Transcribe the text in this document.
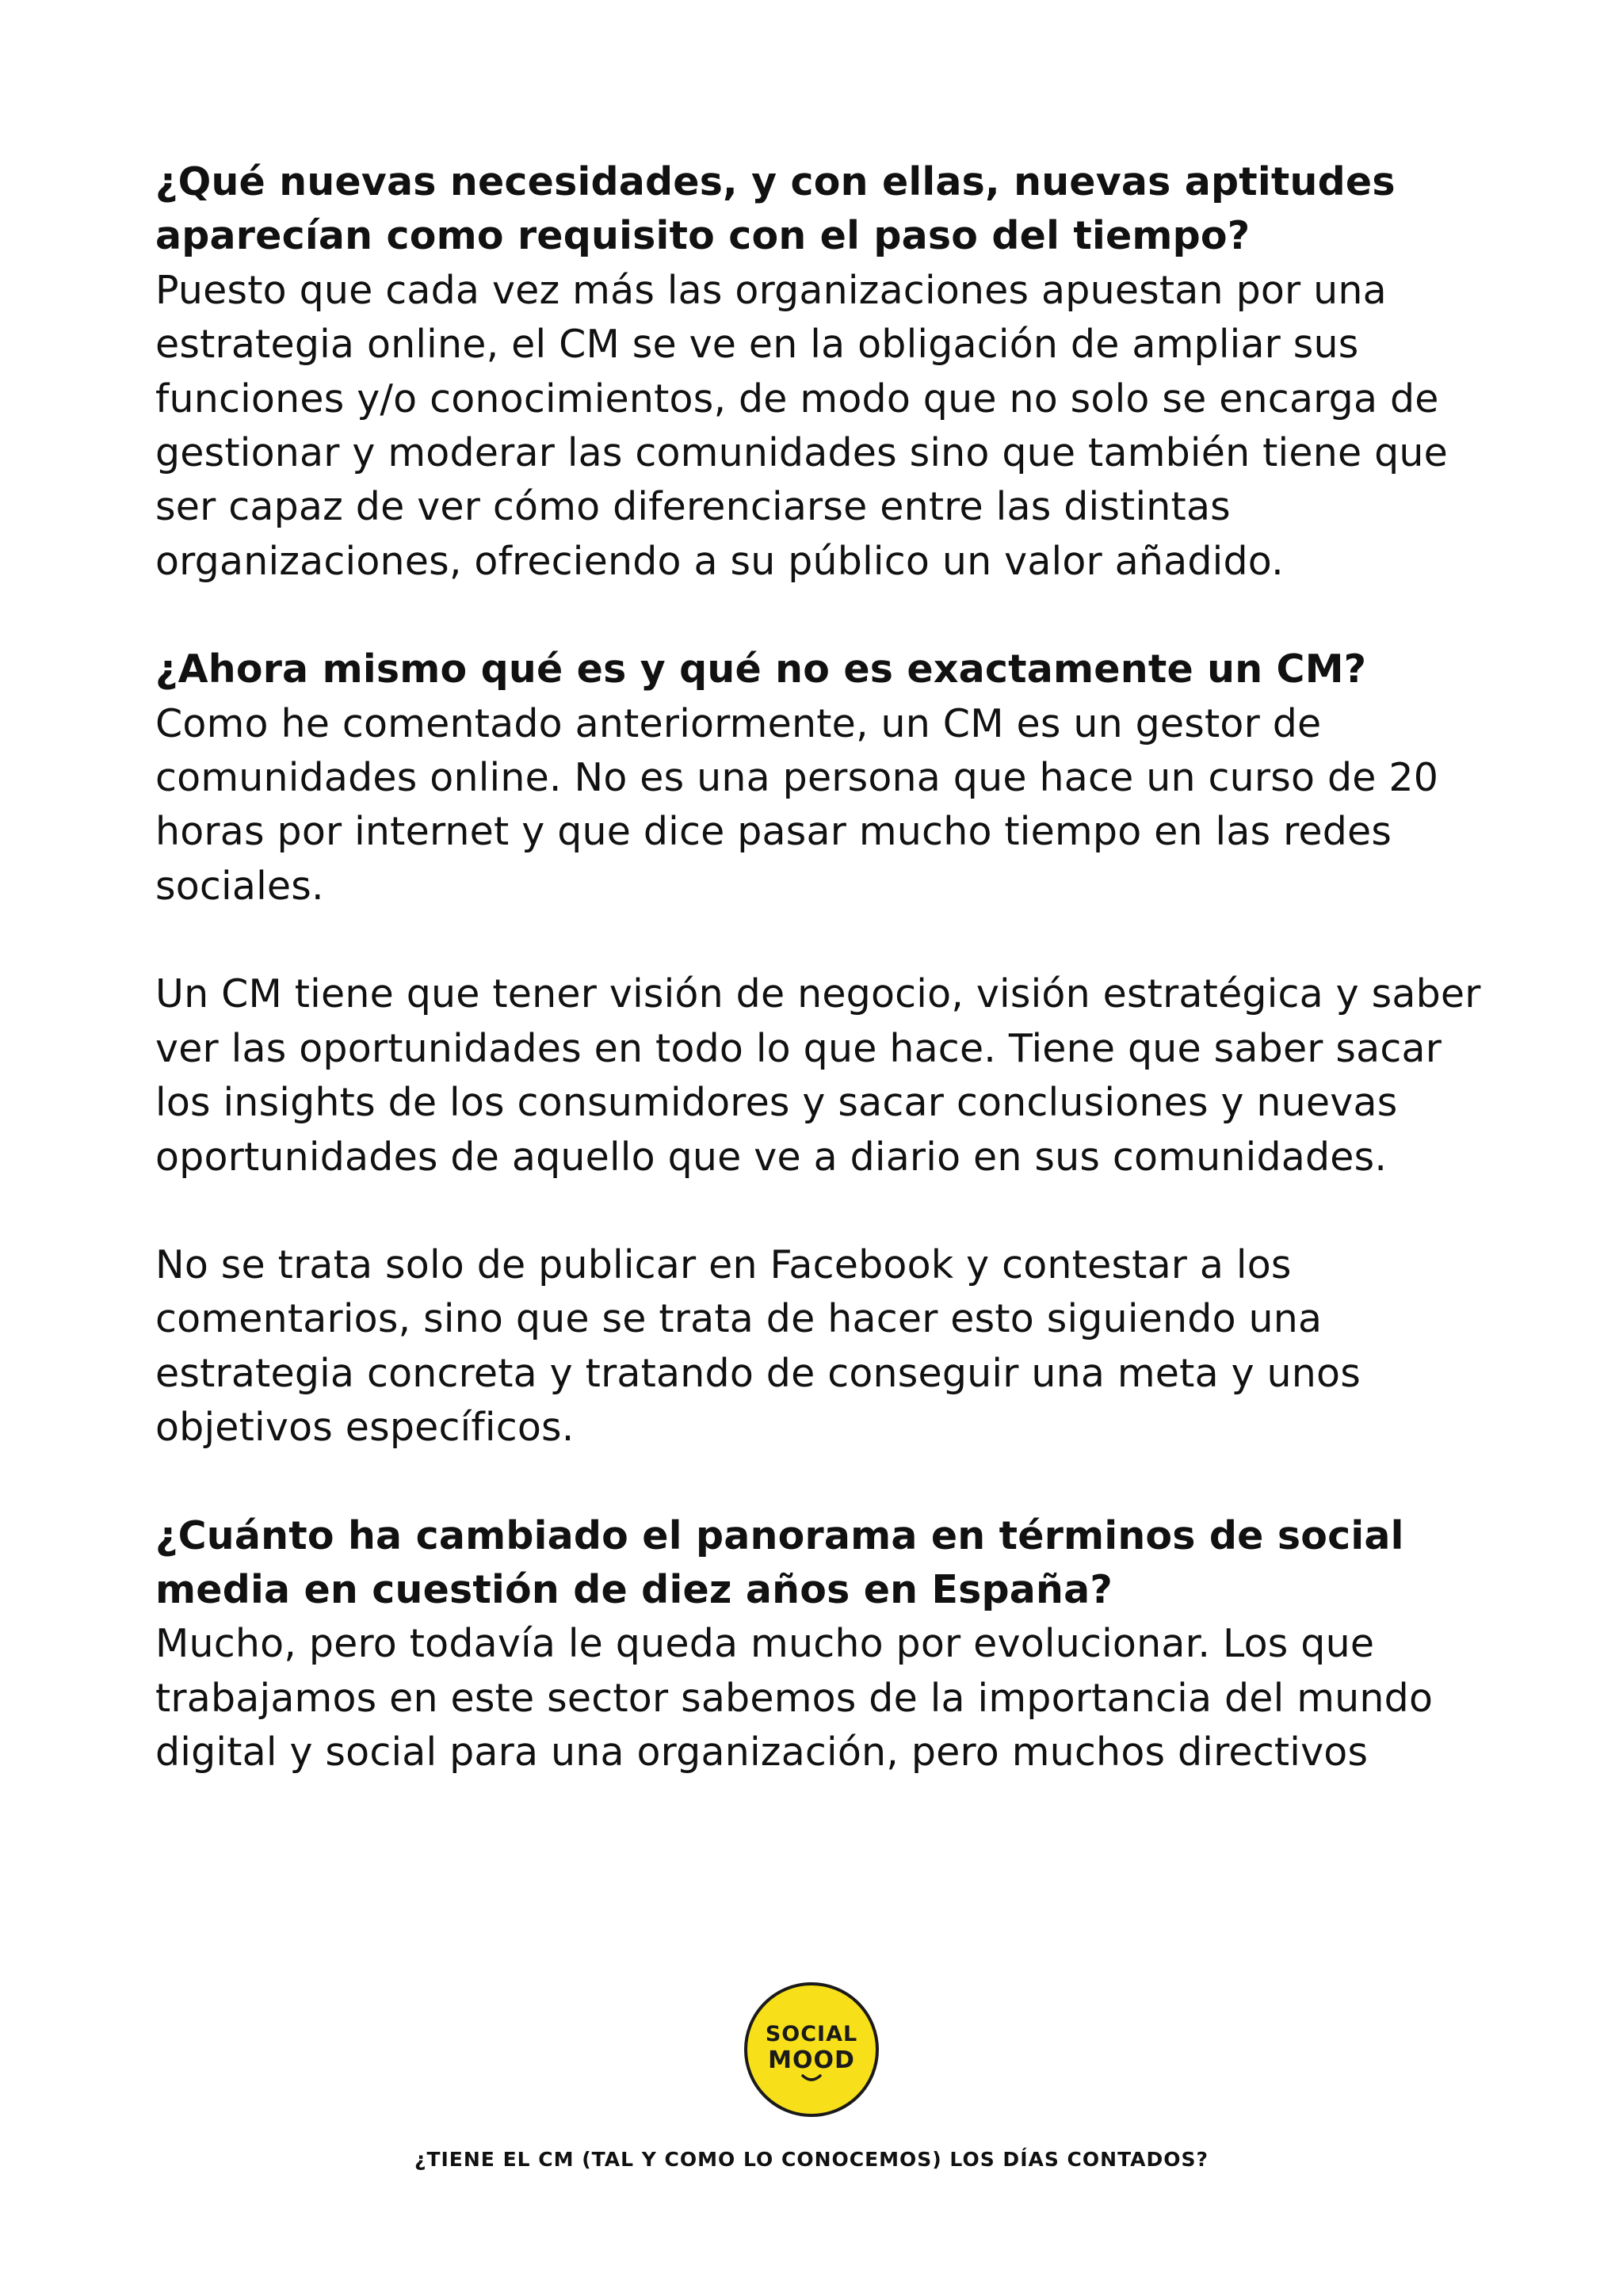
¿Qué nuevas necesidades, y con ellas, nuevas aptitudes aparecían como requisito con el paso del tiempo?

Puesto que cada vez más las organizaciones apuestan por una estrategia online, el CM se ve en la obligación de ampliar sus funciones y/o conocimientos, de modo que no solo se encarga de gestionar y moderar las comunidades sino que también tiene que ser capaz de ver cómo diferenciarse entre las distintas organizaciones, ofreciendo a su público un valor añadido.

¿Ahora mismo qué es y qué no es exactamente un CM?

Como he comentado anteriormente, un CM es un gestor de comunidades online. No es una persona que hace un curso de 20 horas por internet y que dice pasar mucho tiempo en las redes sociales.

Un CM tiene que tener visión de negocio, visión estratégica y saber ver las oportunidades en todo lo que hace. Tiene que saber sacar los insights de los consumidores y sacar conclusiones y nuevas oportunidades de aquello que ve a diario en sus comunidades.

No se trata solo de publicar en Facebook y contestar a los comentarios, sino que se trata de hacer esto siguiendo una estrategia concreta y tratando de conseguir una meta y unos objetivos específicos.

¿Cuánto ha cambiado el panorama en términos de social media en cuestión de diez años en España?

Mucho, pero todavía le queda mucho por evolucionar. Los que trabajamos en este sector sabemos de la importancia del mundo digital y social para una organización, pero muchos directivos

SOCIAL
MOOD
¿TIENE EL CM (TAL Y COMO LO CONOCEMOS) LOS DÍAS CONTADOS?
